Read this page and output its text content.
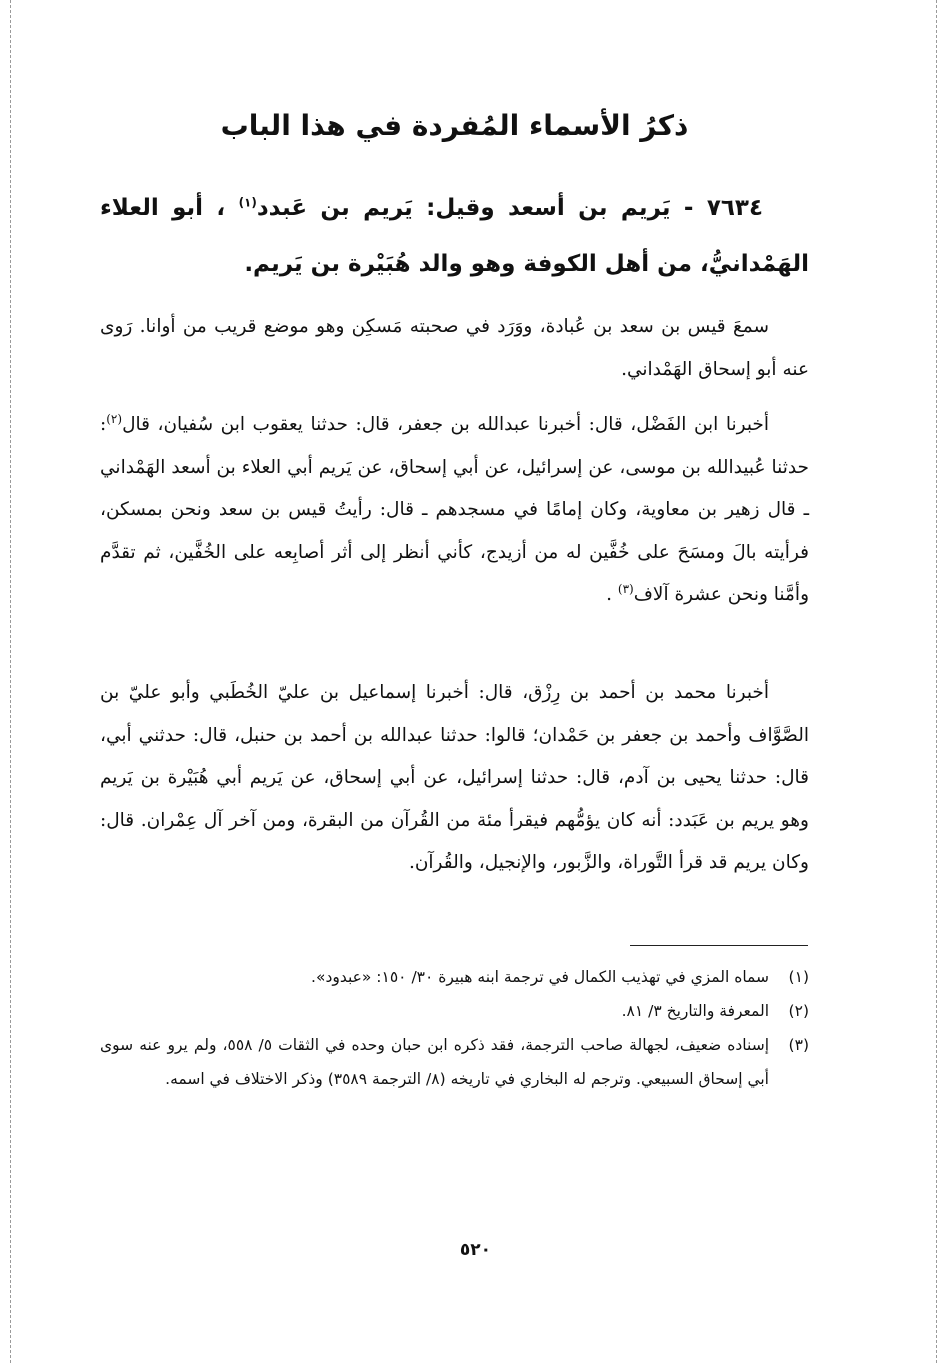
ذكرُ الأسماء المُفردة في هذا الباب
٧٦٣٤ - يَريم بن أسعد وقيل: يَريم بن عَبدد$^{(١)}$ ، أبو العلاء الهَمْدانيُّ، من أهل الكوفة وهو والد هُبَيْرة بن يَريم.
سمعَ قيس بن سعد بن عُبادة، ووَرَد في صحبته مَسكِن وهو موضع قريب من أوانا. رَوى عنه أبو إسحاق الهَمْداني.
أخبرنا ابن الفَضْل، قال: أخبرنا عبدالله بن جعفر، قال: حدثنا يعقوب ابن سُفيان، قال$^{(٢)}$: حدثنا عُبيدالله بن موسى، عن إسرائيل، عن أبي إسحاق، عن يَريم أبي العلاء بن أسعد الهَمْداني ـ قال زهير بن معاوية، وكان إمامًا في مسجدهم ـ قال: رأيتُ قيس بن سعد ونحن بمسكن، فرأيته بالَ ومسَحَ على خُفَّين له من أزيدج، كأني أنظر إلى أثر أصابِعه على الخُفَّين، ثم تقدَّم وأمَّنا ونحن عشرة آلاف$^{(٣)}$ .
أخبرنا محمد بن أحمد بن رِزْق، قال: أخبرنا إسماعيل بن عليّ الخُطَبي وأبو عليّ بن الصَّوَّاف وأحمد بن جعفر بن حَمْدان؛ قالوا: حدثنا عبدالله بن أحمد بن حنبل، قال: حدثني أبي، قال: حدثنا يحيى بن آدم، قال: حدثنا إسرائيل، عن أبي إسحاق، عن يَريم أبي هُبَيْرة بن يَريم وهو يريم بن عَبَدد: أنه كان يؤمُّهم فيقرأ مئة من القُرآن من البقرة، ومن آخر آل عِمْران. قال: وكان يريم قد قرأ التَّوراة، والزَّبور، والإنجيل، والقُرآن.
(١)
سماه المزي في تهذيب الكمال في ترجمة ابنه هبيرة ٣٠/ ١٥٠: «عبدود».
(٢)
المعرفة والتاريخ ٣/ ٨١.
(٣)
إسناده ضعيف، لجهالة صاحب الترجمة، فقد ذكره ابن حبان وحده في الثقات ٥/ ٥٥٨، ولم يرو عنه سوى أبي إسحاق السبيعي. وترجم له البخاري في تاريخه (٨/ الترجمة ٣٥٨٩) وذكر الاختلاف في اسمه.
٥٢٠
